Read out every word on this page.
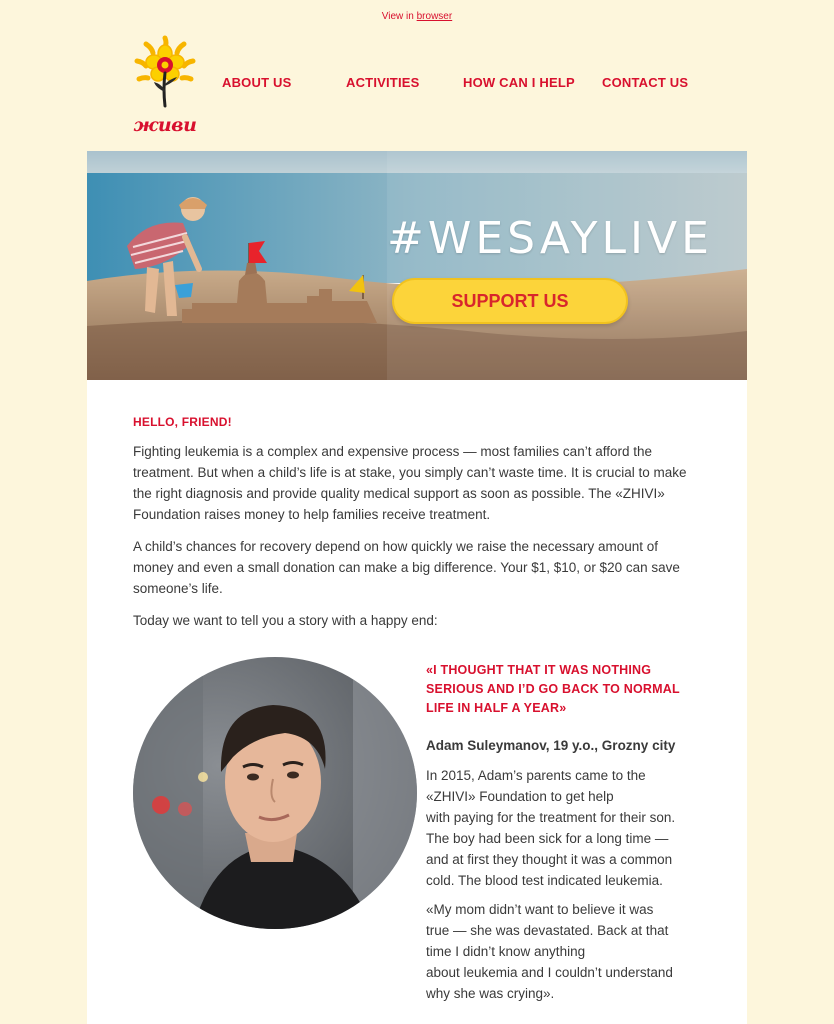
View in browser
живи
ABOUT US	ACTIVITIES	HOW CAN I HELP CONTACT US
#WESAYLIVE
SUPPORT US
HELLO, FRIEND!

Fighting leukemia is a complex and expensive process — most families can’t afford the treatment. But when a child’s life is at stake, you simply can’t waste time. It is crucial to make the right diagnosis and provide quality medical support as soon as possible. The «ZHIVI» Foundation raises money to help families receive treatment.

A child’s chances for recovery depend on how quickly we raise the necessary amount of money and even a small donation can make a big difference. Your $1, $10, or $20 can save someone’s life.

Today we want to tell you a story with a happy end:

«I THOUGHT THAT IT WAS NOTHING SERIOUS AND I’D GO BACK TO NORMAL LIFE IN HALF A YEAR»
Adam Suleymanov, 19 y.o., Grozny city

In 2015, Adam’s parents came to the
«ZHIVI» Foundation to get help
with paying for the treatment for their son.
The boy had been sick for a long time —
and at first they thought it was a common
cold. The blood test indicated leukemia.

«My mom didn’t want to believe it was
true — she was devastated. Back at that
time I didn’t know anything
about leukemia and I couldn’t understand
why she was crying».
